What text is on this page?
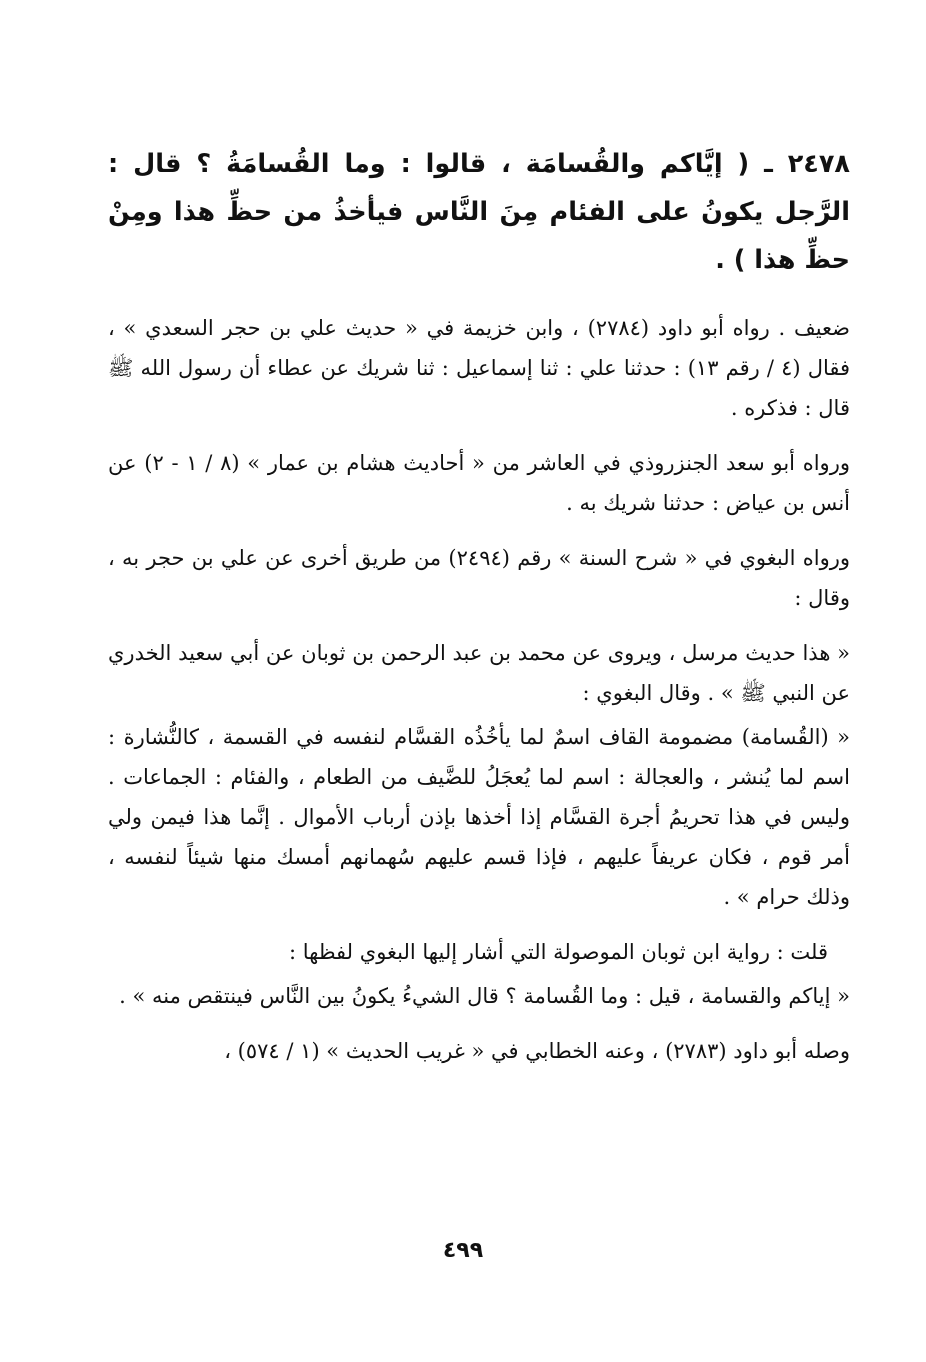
٢٤٧٨ ـ ( إيَّاكم والقُسامَة ، قالوا : وما القُسامَةُ ؟ قال : الرَّجل يكونُ على الفئام مِنَ النَّاس فيأخذُ من حظِّ هذا ومِنْ حظِّ هذا ) .

ضعيف . رواه أبو داود (٢٧٨٤) ، وابن خزيمة في « حديث علي بن حجر السعدي » ، فقال (٤ / رقم ١٣) : حدثنا علي : ثنا إسماعيل : ثنا شريك عن عطاء أن رسول الله ﷺ قال : فذكره .

ورواه أبو سعد الجنزروذي في العاشر من « أحاديث هشام بن عمار » (٨ / ١ - ٢) عن أنس بن عياض : حدثنا شريك به .

ورواه البغوي في « شرح السنة » رقم (٢٤٩٤) من طريق أخرى عن علي بن حجر به ، وقال :

« هذا حديث مرسل ، ويروى عن محمد بن عبد الرحمن بن ثوبان عن أبي سعيد الخدري عن النبي ﷺ » . وقال البغوي :

« (القُسامة) مضمومة القاف اسمٌ لما يأخُذُه القسَّام لنفسه في القسمة ، كالنُّشارة : اسم لما يُنشر ، والعجالة : اسم لما يُعجَلُ للضَّيف من الطعام ، والفئام : الجماعات . وليس في هذا تحريمُ أجرة القسَّام إذا أخذها بإذن أرباب الأموال . إنَّما هذا فيمن ولي أمر قوم ، فكان عريفاً عليهم ، فإذا قسم عليهم سُهمانهم أمسك منها شيئاً لنفسه ، وذلك حرام » .

قلت : رواية ابن ثوبان الموصولة التي أشار إليها البغوي لفظها :

« إياكم والقسامة ، قيل : وما القُسامة ؟ قال الشيءُ يكونُ بين النَّاس فينتقص منه » .

وصله أبو داود (٢٧٨٣) ، وعنه الخطابي في « غريب الحديث » (١ / ٥٧٤) ،

٤٩٩
